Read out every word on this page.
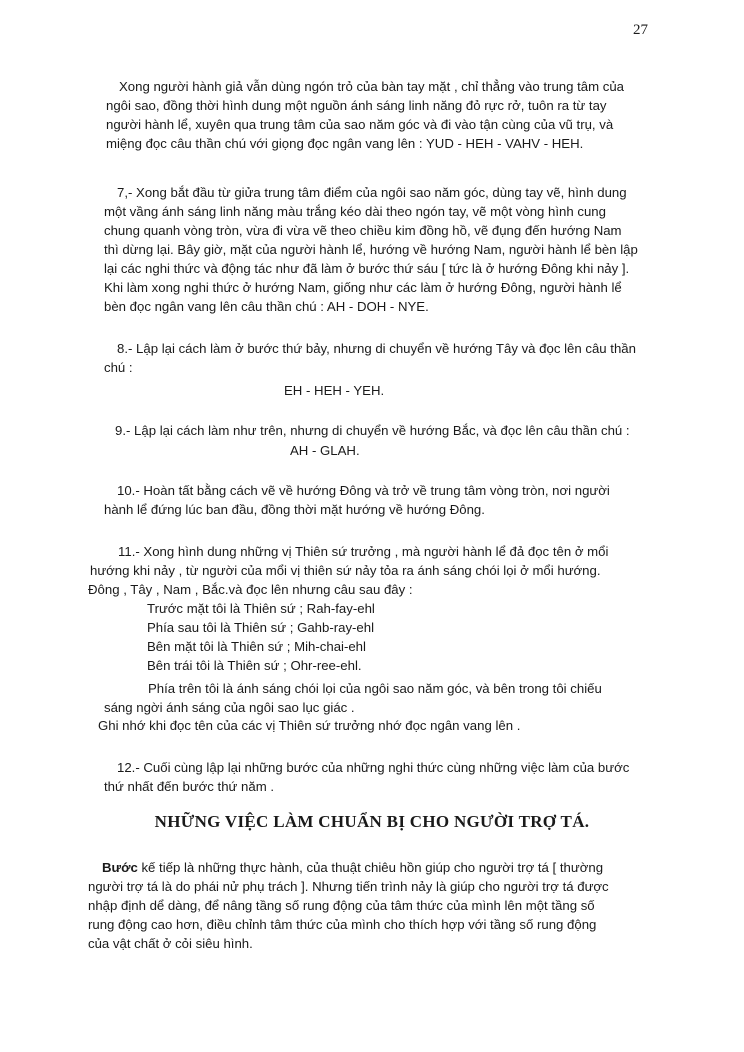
27
Xong người hành giả vẫn dùng ngón trỏ của bàn tay mặt , chỉ thẳng vào trung tâm của
ngôi sao, đồng thời hình dung một nguồn ánh sáng linh năng đỏ rực rở, tuôn ra từ tay
người hành lể, xuyên qua trung tâm của sao năm góc và đi vào tận cùng của vũ trụ, và
miệng đọc câu thần chú với giọng đọc ngân vang lên : YUD - HEH - VAHV - HEH.
7,- Xong bắt đầu từ giửa trung tâm điểm của ngôi sao năm góc, dùng tay vẽ, hình dung
một vầng ánh sáng linh năng màu trắng kéo dài theo ngón tay, vẽ một vòng hình cung
chung quanh vòng tròn, vừa đi vừa vẽ theo chiều kim đồng hồ, vẽ đụng đến hướng Nam
thì dừng lại. Bây giờ, mặt của người hành lể, hướng về hướng Nam, người hành lể bèn lập
lại các nghi thức và động tác như đã làm ở bước thứ sáu [ tức là ở hướng Đông khi nảy ].
Khi làm xong nghi thức ở hướng Nam, giống như các làm ở hướng Đông, người hành lể
bèn đọc ngân vang lên câu thần chú : AH - DOH - NYE.
8.- Lập lại cách làm ở bước thứ bảy, nhưng di chuyển về hướng Tây và đọc lên câu thần
chú :
EH - HEH - YEH.
9.- Lập lại cách làm như trên, nhưng di chuyển về hướng Bắc, và đọc lên câu thần chú :
AH - GLAH.
10.- Hoàn tất bằng cách vẽ về hướng Đông và trở về trung tâm vòng tròn, nơi người
hành lể đứng lúc ban đầu, đồng thời mặt hướng về hướng Đông.
11.- Xong hình dung những vị Thiên sứ trưởng , mà người hành lể đả đọc tên ở mổi
hướng khi nảy , từ người của mổi vị thiên sứ nảy tỏa ra ánh sáng chói lọi ở mổi hướng.
Đông , Tây , Nam , Bắc.và đọc lên nhưng câu sau đây :
Trước mặt tôi là Thiên sứ ; Rah-fay-ehl
Phía sau tôi là Thiên sứ ; Gahb-ray-ehl
Bên mặt tôi là Thiên sứ ; Mih-chai-ehl
Bên trái tôi là Thiên sứ ; Ohr-ree-ehl.
Phía trên tôi là ánh sáng chói lọi của ngôi sao năm góc, và bên trong tôi chiếu
sáng ngời ánh sáng của ngôi sao lục giác .
Ghi nhớ khi đọc tên của các vị Thiên sứ trưởng nhớ đọc ngân vang lên .
12.- Cuối cùng lập lại những bước của những nghi thức cùng những việc làm của bước
thứ nhất đến bước thứ năm .
NHỮNG VIỆC LÀM CHUẨN BỊ CHO NGƯỜI TRỢ TÁ.
Bước kế tiếp là những thực hành, của thuật chiêu hồn giúp cho người trợ tá [ thường
người trợ tá là do phái nử phụ trách ]. Nhưng tiến trình nảy là giúp cho người trợ tá được
nhập định dể dàng, để nâng tầng số rung động của tâm thức của mình lên một tầng số
rung động cao hơn, điều chỉnh tâm thức của mình cho thích hợp với tầng số rung động
của vật chất ở cỏi siêu hình.
